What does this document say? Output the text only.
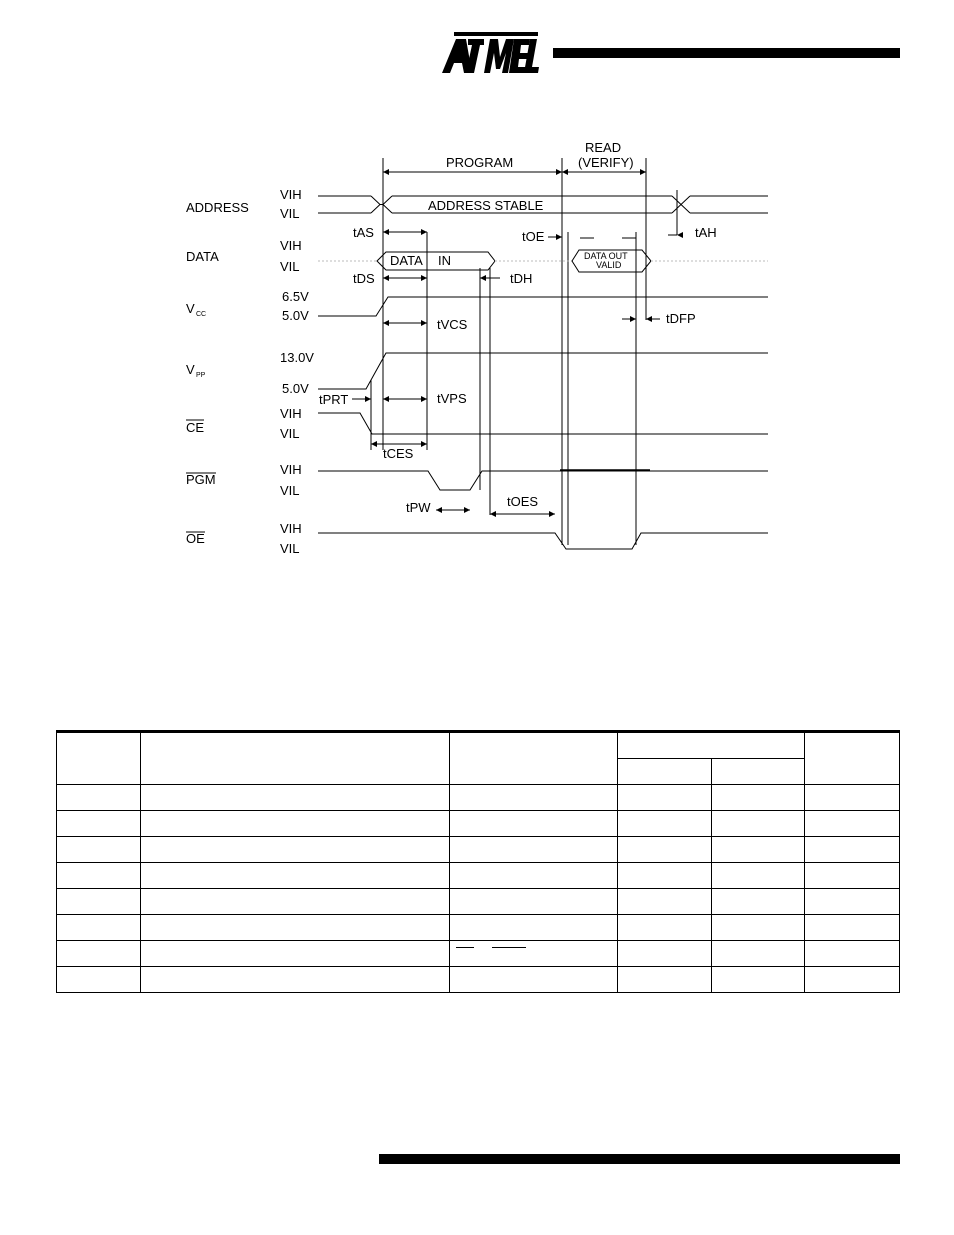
PROGRAM
READ
(VERIFY)
ADDRESS
DATA
V CC
V PP
CE
PGM
OE
VIH
VIL
VIH
VIL
6.5V
5.0V
13.0V
5.0V
VIH
VIL
VIH
VIL
VIH
VIL
ADDRESS STABLE
DATA IN	DATA OUT
VALID
tAS	tOE	tAH
tDS	tDH
tVCS	tDFP
tPRT	tVPS
tCES
tPW	tOES
